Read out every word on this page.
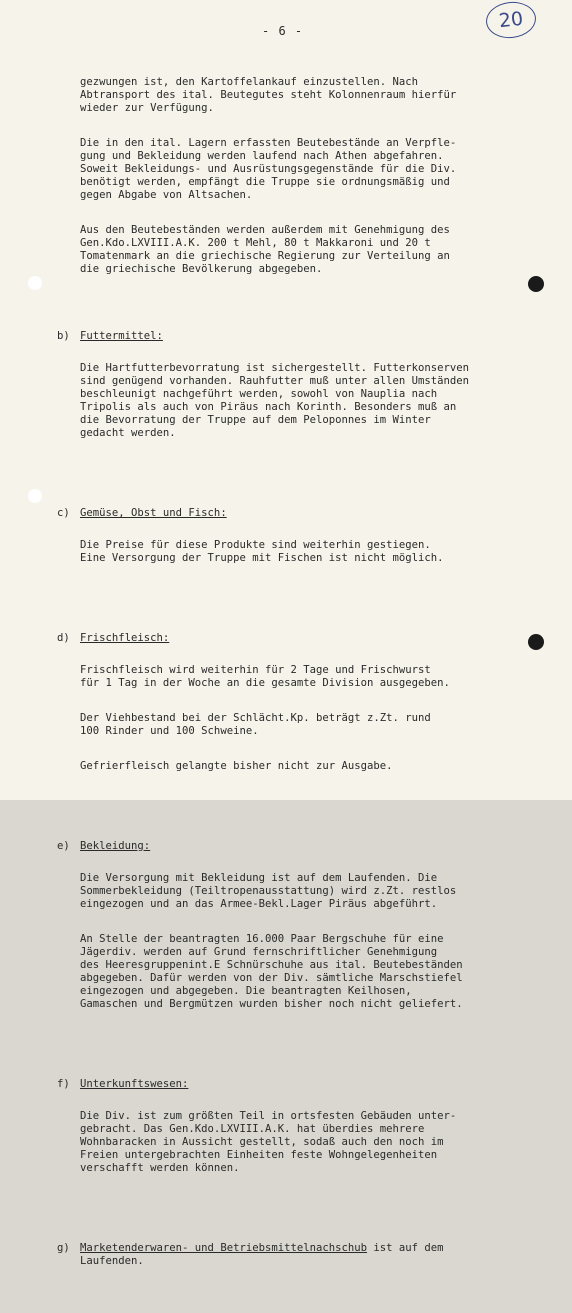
- 6 -	20

gezwungen ist, den Kartoffelankauf einzustellen. Nach
Abtransport des ital. Beutegutes steht Kolonnenraum hierfür
wieder zur Verfügung.

Die in den ital. Lagern erfassten Beutebestände an Verpfle-
gung und Bekleidung werden laufend nach Athen abgefahren.
Soweit Bekleidungs- und Ausrüstungsgegenstände für die Div.
benötigt werden, empfängt die Truppe sie ordnungsmäßig und
gegen Abgabe von Altsachen.

Aus den Beutebeständen werden außerdem mit Genehmigung des
Gen.Kdo.LXVIII.A.K. 200 t Mehl, 80 t Makkaroni und 20 t
Tomatenmark an die griechische Regierung zur Verteilung an
die griechische Bevölkerung abgegeben.

b) Futtermittel:

Die Hartfutterbevorratung ist sichergestellt. Futterkonserven
sind genügend vorhanden. Rauhfutter muß unter allen Umständen
beschleunigt nachgeführt werden, sowohl von Nauplia nach
Tripolis als auch von Piräus nach Korinth. Besonders muß an
die Bevorratung der Truppe auf dem Peloponnes im Winter
gedacht werden.

c) Gemüse, Obst und Fisch:

Die Preise für diese Produkte sind weiterhin gestiegen.
Eine Versorgung der Truppe mit Fischen ist nicht möglich.

d) Frischfleisch:

Frischfleisch wird weiterhin für 2 Tage und Frischwurst
für 1 Tag in der Woche an die gesamte Division ausgegeben.

Der Viehbestand bei der Schlächt.Kp. beträgt z.Zt. rund
100 Rinder und 100 Schweine.

Gefrierfleisch gelangte bisher nicht zur Ausgabe.

e) Bekleidung:

Die Versorgung mit Bekleidung ist auf dem Laufenden. Die
Sommerbekleidung (Teiltropenausstattung) wird z.Zt. restlos
eingezogen und an das Armee-Bekl.Lager Piräus abgeführt.

An Stelle der beantragten 16.000 Paar Bergschuhe für eine
Jägerdiv. werden auf Grund fernschriftlicher Genehmigung
des Heeresgruppenint.E Schnürschuhe aus ital. Beutebeständen
abgegeben. Dafür werden von der Div. sämtliche Marschstiefel
eingezogen und abgegeben. Die beantragten Keilhosen,
Gamaschen und Bergmützen wurden bisher noch nicht geliefert.

f) Unterkunftswesen:

Die Div. ist zum größten Teil in ortsfesten Gebäuden unter-
gebracht. Das Gen.Kdo.LXVIII.A.K. hat überdies mehrere
Wohnbaracken in Aussicht gestellt, sodaß auch den noch im
Freien untergebrachten Einheiten feste Wohngelegenheiten
verschafft werden können.

g) Marketenderwaren- und Betriebsmittelnachschub ist auf dem
Laufenden.
